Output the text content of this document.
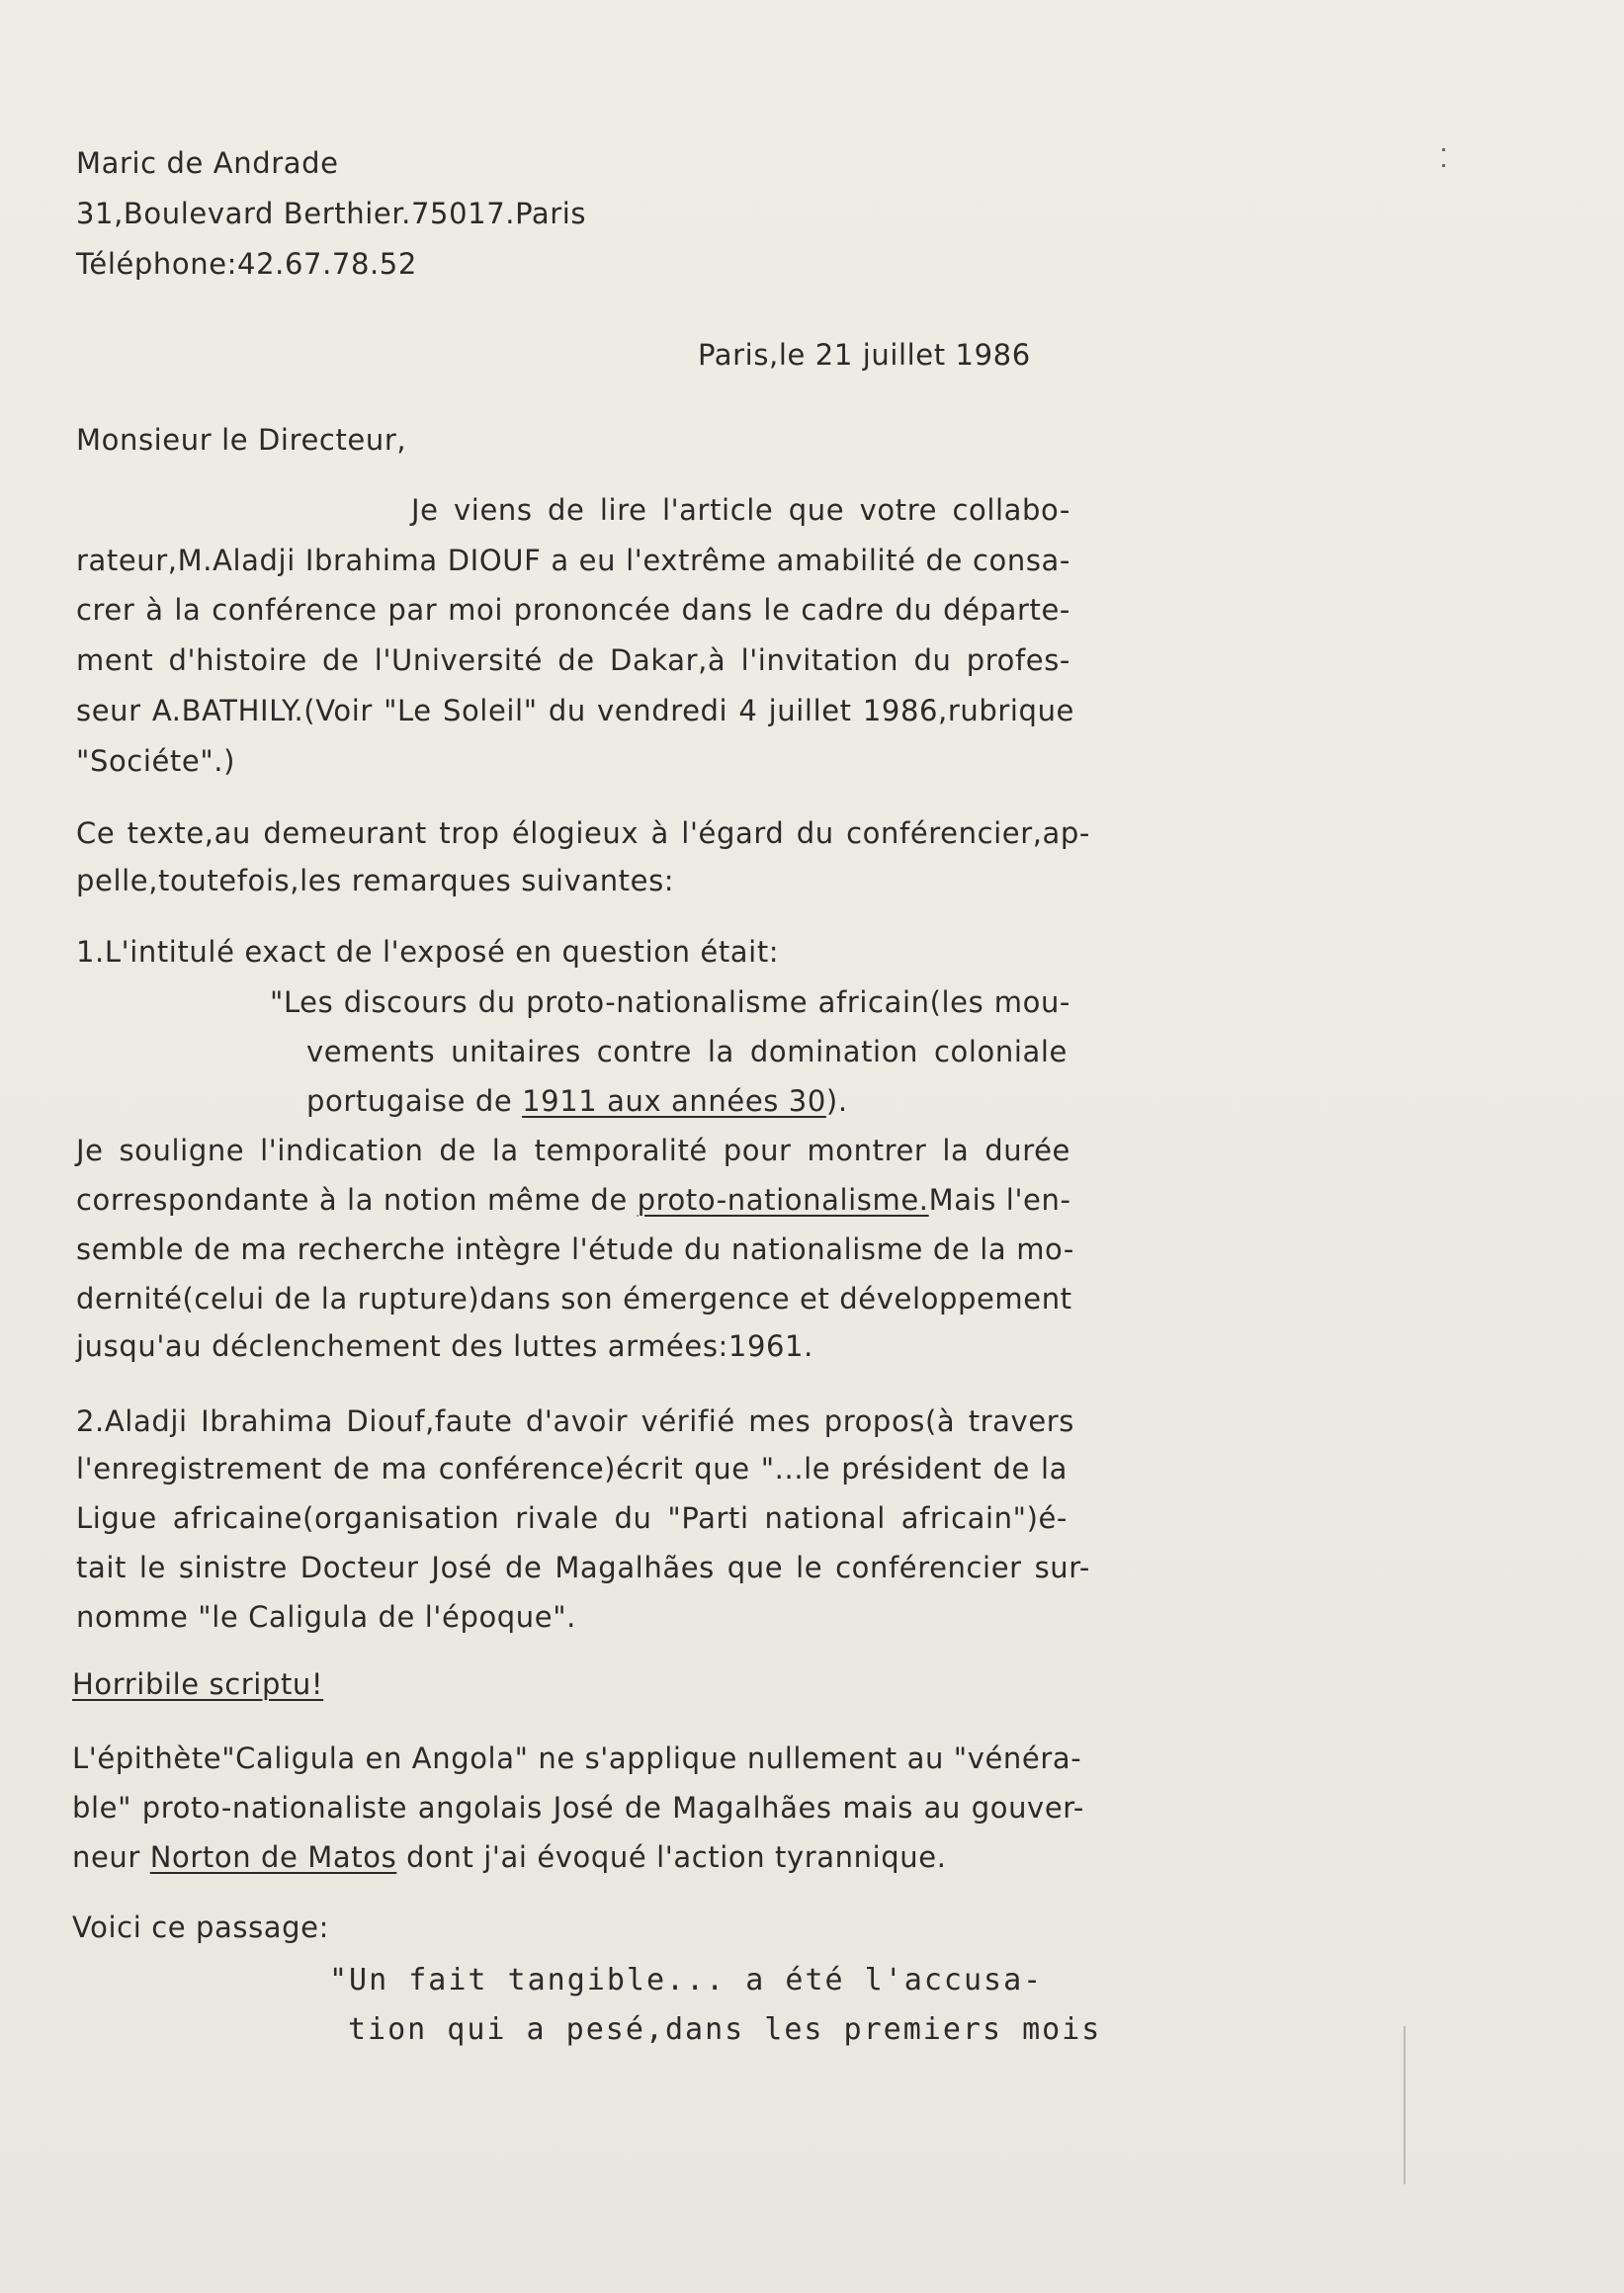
Maric de Andrade
31,Boulevard Berthier.75017.Paris
Téléphone:42.67.78.52
Paris,le 21 juillet 1986
Monsieur le Directeur,
Je viens de lire l'article que votre collabo-
rateur,M.Aladji Ibrahima DIOUF a eu l'extrême amabilité de consa-
crer à la conférence par moi prononcée dans le cadre du départe-
ment d'histoire de l'Université de Dakar,à l'invitation du profes-
seur A.BATHILY.(Voir "Le Soleil" du vendredi 4 juillet 1986,rubrique
"Sociéte".)
Ce texte,au demeurant trop élogieux à l'égard du conférencier,ap-
pelle,toutefois,les remarques suivantes:
1.L'intitulé exact de l'exposé en question était:
"Les discours du proto-nationalisme africain(les mou-
vements unitaires contre la domination coloniale
portugaise de 1911 aux années 30).
Je souligne l'indication de la temporalité pour montrer la durée
correspondante à la notion même de proto-nationalisme.Mais l'en-
semble de ma recherche intègre l'étude du nationalisme de la mo-
dernité(celui de la rupture)dans son émergence et développement
jusqu'au déclenchement des luttes armées:1961.
2.Aladji Ibrahima Diouf,faute d'avoir vérifié mes propos(à travers
l'enregistrement de ma conférence)écrit que "...le président de la
Ligue africaine(organisation rivale du "Parti national africain")é-
tait le sinistre Docteur José de Magalhães que le conférencier sur-
nomme "le Caligula de l'époque".
Horribile scriptu!
L'épithète"Caligula en Angola" ne s'applique nullement au "vénéra-
ble" proto-nationaliste angolais José de Magalhães mais au gouver-
neur Norton de Matos dont j'ai évoqué l'action tyrannique.
Voici ce passage:
"Un fait tangible... a été l'accusa-
tion qui a pesé,dans les premiers mois
